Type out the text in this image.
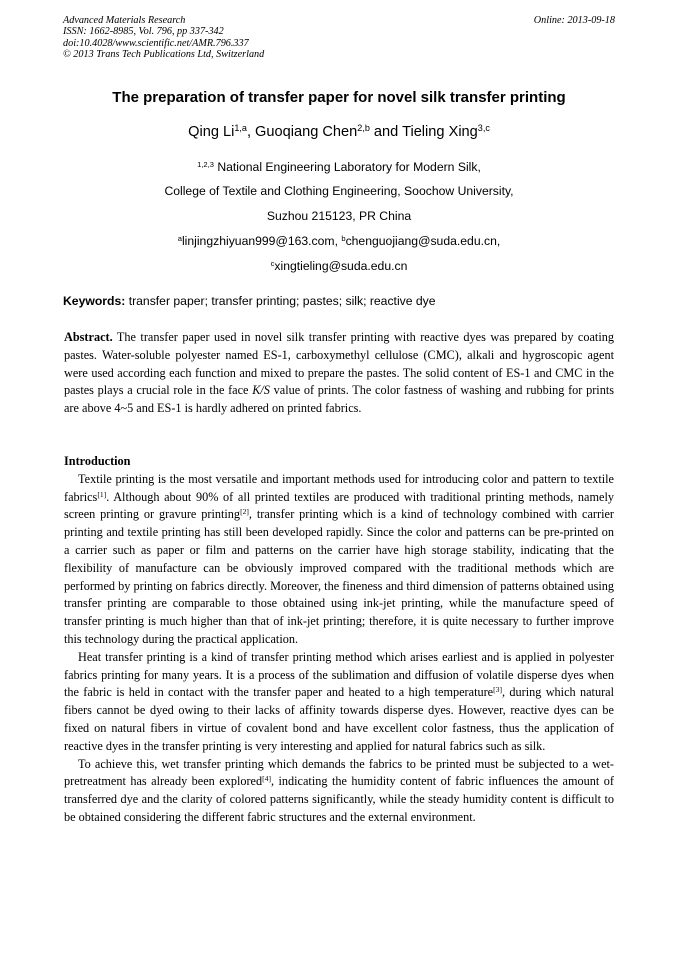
Advanced Materials Research
ISSN: 1662-8985, Vol. 796, pp 337-342
doi:10.4028/www.scientific.net/AMR.796.337
© 2013 Trans Tech Publications Ltd, Switzerland
Online: 2013-09-18
The preparation of transfer paper for novel silk transfer printing
Qing Li$^{1,a}$, Guoqiang Chen$^{2,b}$ and Tieling Xing$^{3,c}$
$^{1,2,3}$ National Engineering Laboratory for Modern Silk,
College of Textile and Clothing Engineering, Soochow University,
Suzhou 215123, PR China
$^a$linjingzhiyuan999@163.com, $^b$chenguojiang@suda.edu.cn,
$^c$xingtieling@suda.edu.cn
Keywords: transfer paper; transfer printing; pastes; silk; reactive dye

Abstract. The transfer paper used in novel silk transfer printing with reactive dyes was prepared by coating pastes. Water-soluble polyester named ES-1, carboxymethyl cellulose (CMC), alkali and hygroscopic agent were used according each function and mixed to prepare the pastes. The solid content of ES-1 and CMC in the pastes plays a crucial role in the face K/S value of prints. The color fastness of washing and rubbing for prints are above 4~5 and ES-1 is hardly adhered on printed fabrics.

Introduction

Textile printing is the most versatile and important methods used for introducing color and pattern to textile fabrics[1]. Although about 90% of all printed textiles are produced with traditional printing methods, namely screen printing or gravure printing[2], transfer printing which is a kind of technology combined with carrier printing and textile printing has still been developed rapidly. Since the color and patterns can be pre-printed on a carrier such as paper or film and patterns on the carrier have high storage stability, indicating that the flexibility of manufacture can be obviously improved compared with the traditional methods which are performed by printing on fabrics directly. Moreover, the fineness and third dimension of patterns obtained using transfer printing are comparable to those obtained using ink-jet printing, while the manufacture speed of transfer printing is much higher than that of ink-jet printing; therefore, it is quite necessary to further improve this technology during the practical application.

Heat transfer printing is a kind of transfer printing method which arises earliest and is applied in polyester fabrics printing for many years. It is a process of the sublimation and diffusion of volatile disperse dyes when the fabric is held in contact with the transfer paper and heated to a high temperature[3], during which natural fibers cannot be dyed owing to their lacks of affinity towards disperse dyes. However, reactive dyes can be fixed on natural fibers in virtue of covalent bond and have excellent color fastness, thus the application of reactive dyes in the transfer printing is very interesting and applied for natural fabrics such as silk.

To achieve this, wet transfer printing which demands the fabrics to be printed must be subjected to a wet-pretreatment has already been explored[4], indicating the humidity content of fabric influences the amount of transferred dye and the clarity of colored patterns significantly, while the steady humidity content is difficult to be obtained considering the different fabric structures and the external environment.
